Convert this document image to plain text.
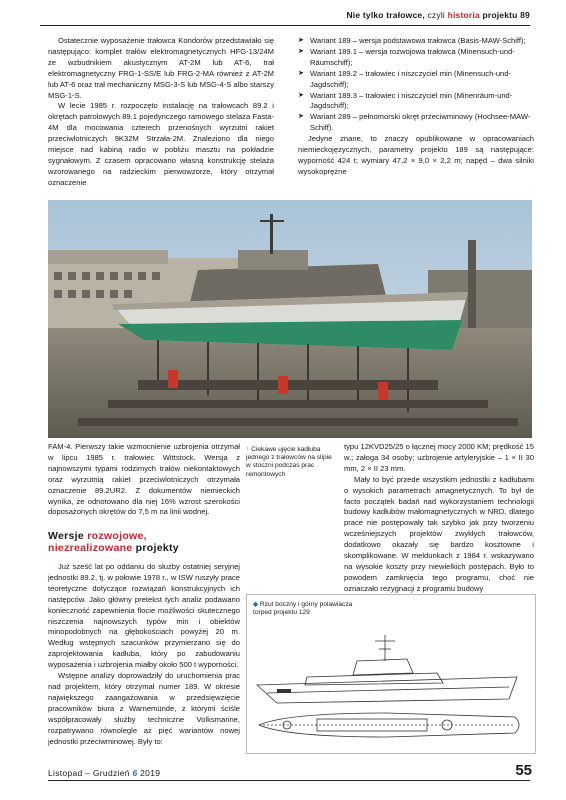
Nie tylko trałowce, czyli historia projektu 89

Ostatecznie wyposażenie trałowca Kondorów przedstawiało się następująco: komplet trałów elektromagnetycznych HFG-13/24M ze wzbudnikiem akustycznym AT-2M lub AT-6, trał elektromagnetyczny FRG-1-SS/E lub FRG-2-MA również z AT-2M lub AT-6 oraz trał mechaniczny MSG-3-S lub MSG-4-S albo starszy MSG-1-S.

W lecie 1985 r. rozpoczęto instalację na trałowcach 89.2 i okrętach patrolowych 89.1 pojedynczego ramowego stelaża Fasta-4M dla mocowania czterech przenośnych wyrzutni rakiet przeciwlotniczych 9K32M Strzała-2M. Znaleziono dla niego miejsce nad kabiną radio w pobliżu masztu na pokładzie sygnałowym. Z czasem opracowano własną konstrukcję stelaża wzorowanego na radzieckim pierwowzorze, który otrzymał oznaczenie

➤ Wariant 189 – wersja podstawowa trałowca (Basis-MAW-Schiff);

➤ Wariant 189.1 – wersja rozwojowa trałowca (Minensuch-und-Räumschiff);

➤ Wariant 189.2 – trałowiec i niszczyciel min (Minensuch-und-Jagdschiff);

➤ Wariant 189.3 – trałowiec i niszczyciel min (Minenräum-und-Jagdschiff);

➤ Wariant 289 – pełnomorski okręt przeciwminowy (Hochsee-MAW-Schiff).

Jedyne znane, to znaczy opublikowane w opracowaniach niemieckojęzycznych, parametry projektu 189 są następujące: wyporność 424 t; wymiary 47,2 × 9,0 × 2,2 m; napęd – dwa silniki wysokoprężne

FAM-4. Pierwszy takie wzmocnienie uzbrojenia otrzymał w lipcu 1985 r. trałowiec Wittstock. Wersja z najnowszymi typami rodzimych trałów niekontaktowych oraz wyrzutnią rakiet przeciwlotniczych otrzymała oznaczenie 89.2UR2. Z dokumentów niemieckich wynika, że odnotowano dla niej 16% wzrost szerokości doposażonych okrętów do 7,5 m na linii wodnej.

↑ Ciekawe ujęcie kadłuba jednego z trałowców na slipie w stoczni podczas prac remontowych
Wersje rozwojowe,
niezrealizowane projekty

Już sześć lat po oddaniu do służby ostatniej seryjnej jednostki 89.2, tj. w połowie 1978 r., w ISW ruszyły prace teoretyczne dotyczące rozwiązań konstrukcyjnych ich następców. Jako główny pretekst tych analiz podawano konieczność zapewnienia flocie możliwości skutecznego niszczenia najnowszych typów min i obiektów minopodobnych na głębokościach powyżej 20 m. Według wstępnych szacunków przymierzano się do zaprojektowania kadłuba, który po zabudowaniu wyposażenia i uzbrojenia miałby około 500 t wyporności.

Wstępne analizy doprowadziły do uruchomienia prac nad projektem, który otrzymał numer 189. W okresie największego zaangażowania w przedsięwzięcie pracowników biura z Warnemünde, z którymi ściśle współpracowały służby techniczne Volksmarine, rozpatrywano równolegle aż pięć wariantów nowej jednostki przeciwminowej. Były to:

typu 12KVD25/25 o łącznej mocy 2000 KM; prędkość 15 w.; załoga 34 osoby; uzbrojenie artyleryjskie – 1 × II 30 mm, 2 × II 23 mm.

Mały to być przede wszystkim jednostki z kadłubami o wysokich parametrach amagnetycznych. To był de facto początek badań nad wykorzystaniem technologii budowy kadłubów małomagnetycznych w NRD, dlatego prace nie postępowały tak szybko jak przy tworzeniu wcześniejszych projektów zwykłych trałowców, dodatkowo okazały się bardzo kosztowne i skomplikowane. W meldunkach z 1984 r. wskazywano na wysokie koszty przy niewielkich postępach. Było to powodem zamknięcia tego programu, choć nie oznaczało rezygnacji z programu budowy

◆ Rzut boczny i górny polawiacza torped projektu 129
Listopad – Grudzień 6 2019	55
